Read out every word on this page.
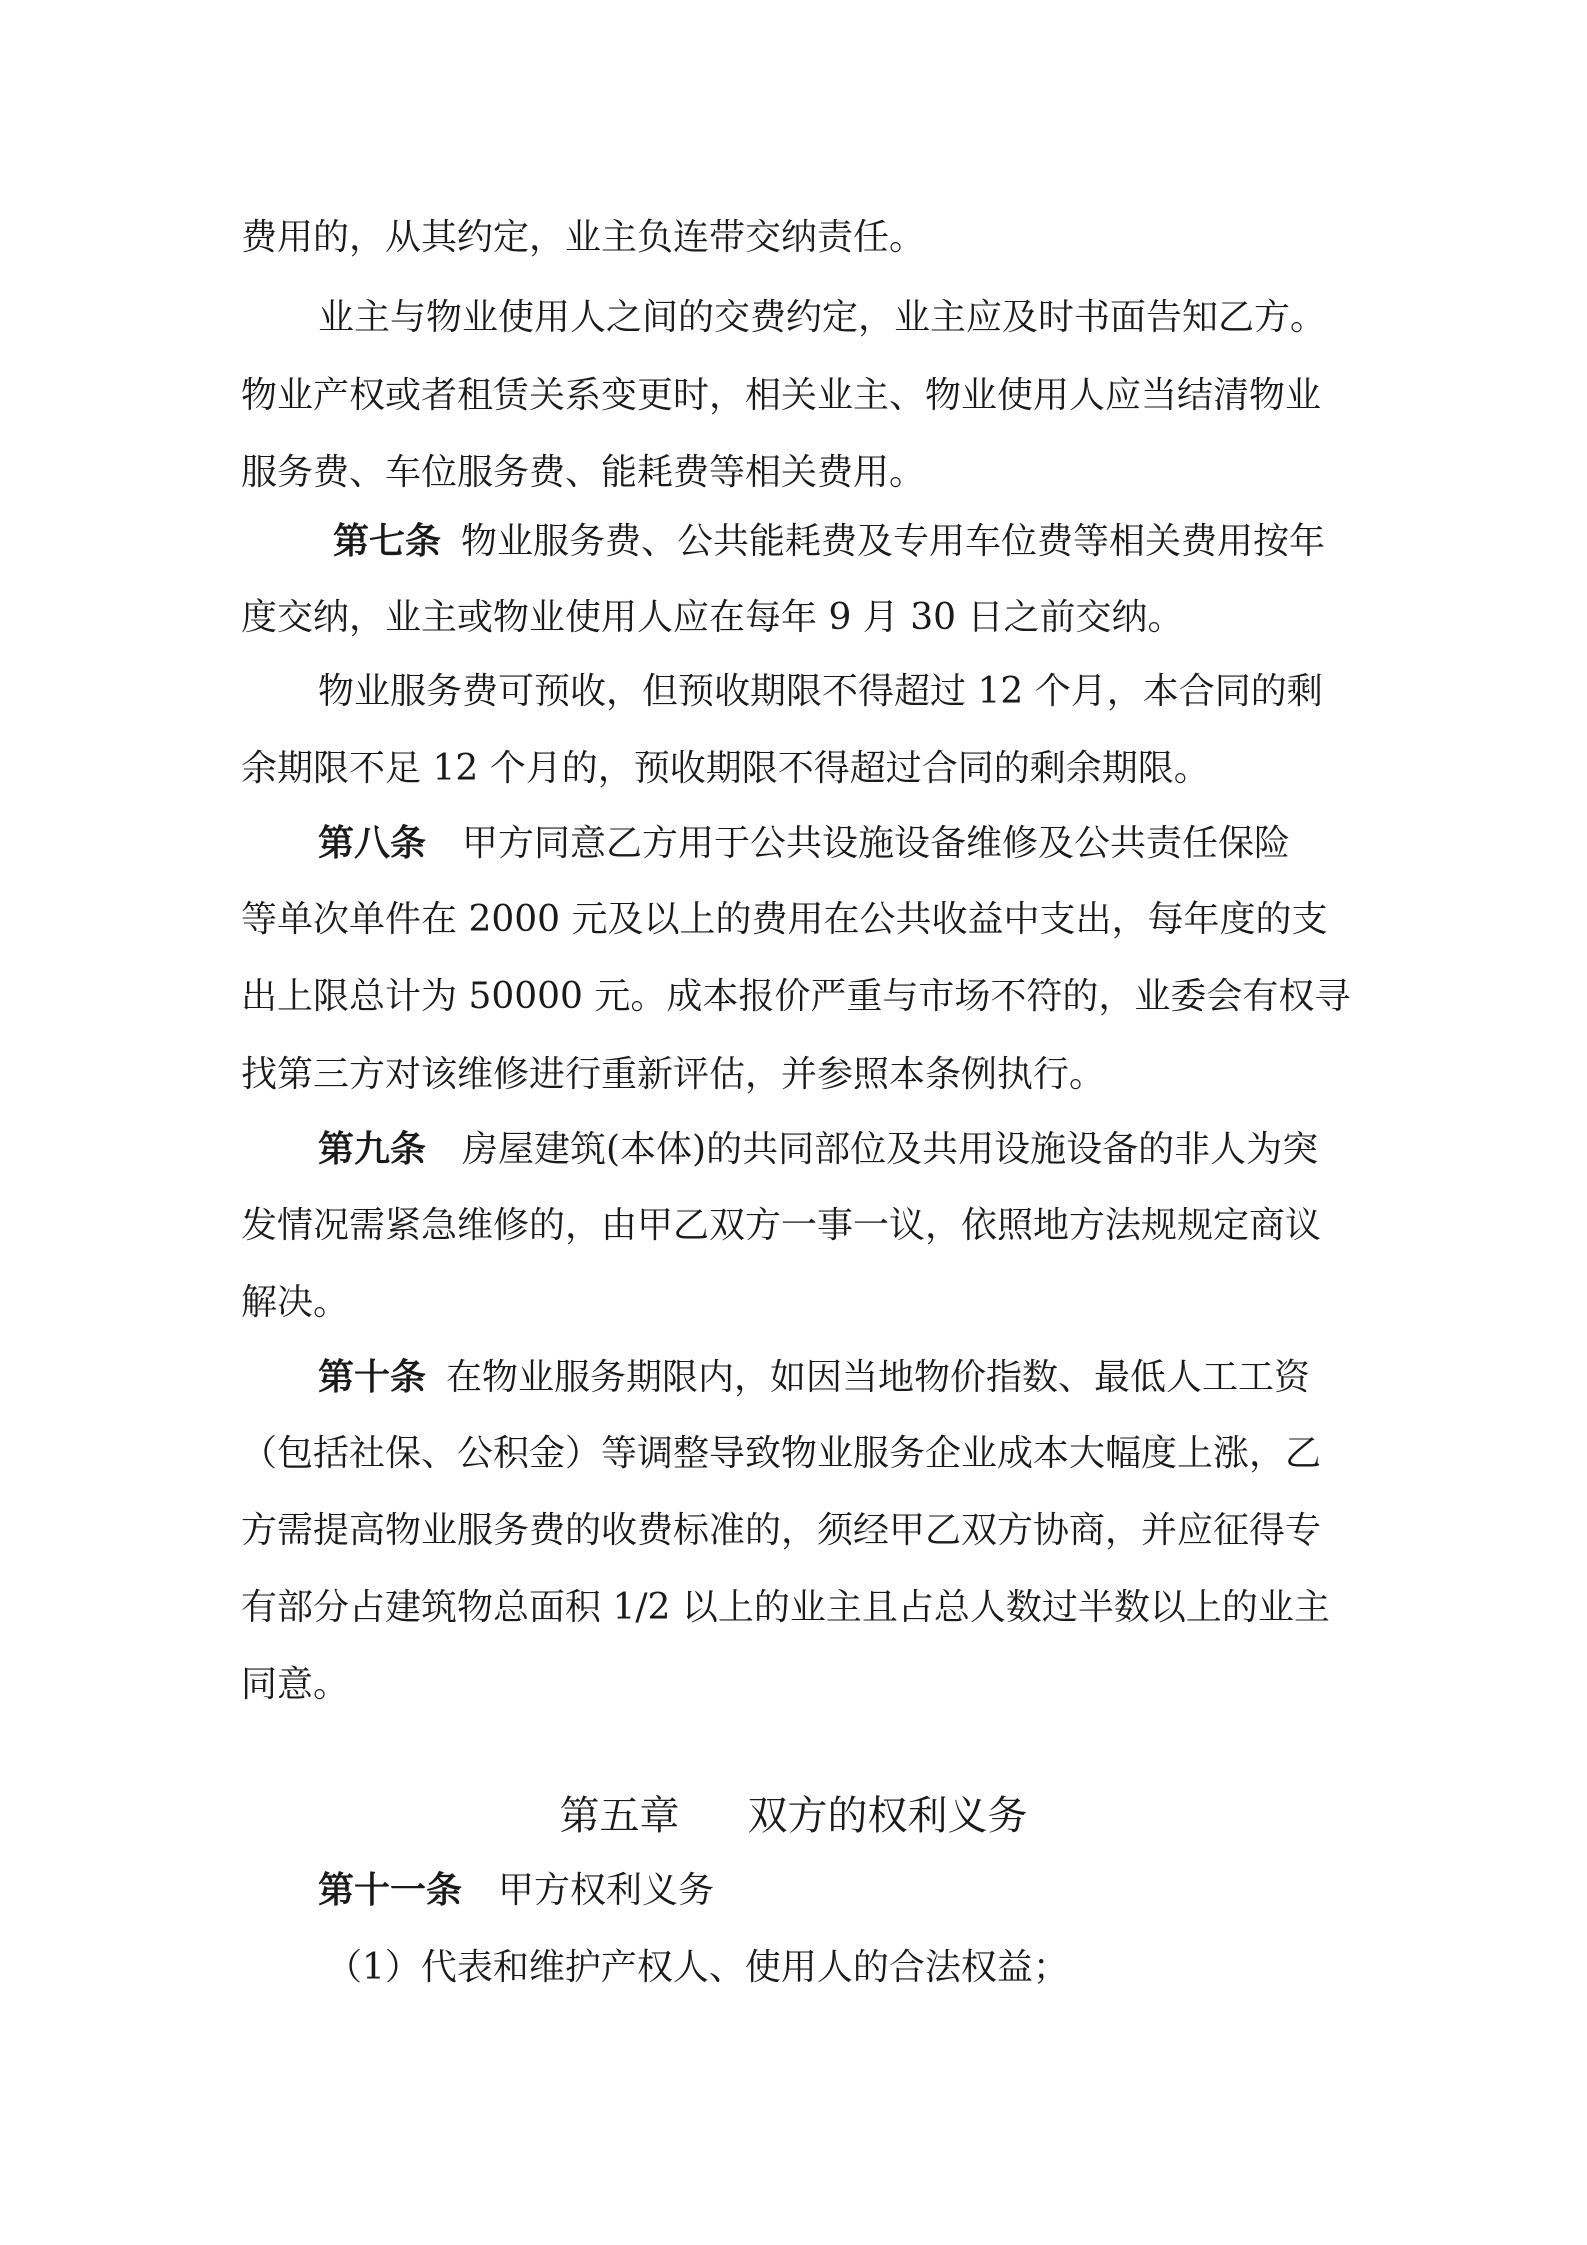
费用的，从其约定，业主负连带交纳责任。
业主与物业使用人之间的交费约定，业主应及时书面告知乙方。
物业产权或者租赁关系变更时，相关业主、物业使用人应当结清物业
服务费、车位服务费、能耗费等相关费用。
第七条 物业服务费、公共能耗费及专用车位费等相关费用按年
度交纳，业主或物业使用人应在每年 9 月 30 日之前交纳。
物业服务费可预收，但预收期限不得超过 12 个月，本合同的剩
余期限不足 12 个月的，预收期限不得超过合同的剩余期限。
第八条 甲方同意乙方用于公共设施设备维修及公共责任保险
等单次单件在 2000 元及以上的费用在公共收益中支出，每年度的支
出上限总计为 50000 元。成本报价严重与市场不符的，业委会有权寻
找第三方对该维修进行重新评估，并参照本条例执行。
第九条 房屋建筑(本体)的共同部位及共用设施设备的非人为突
发情况需紧急维修的，由甲乙双方一事一议，依照地方法规规定商议
解决。
第十条 在物业服务期限内，如因当地物价指数、最低人工工资
（包括社保、公积金）等调整导致物业服务企业成本大幅度上涨，乙
方需提高物业服务费的收费标准的，须经甲乙双方协商，并应征得专
有部分占建筑物总面积 1/2 以上的业主且占总人数过半数以上的业主
同意。
第五章 双方的权利义务
第十一条 甲方权利义务
（1）代表和维护产权人、使用人的合法权益；
